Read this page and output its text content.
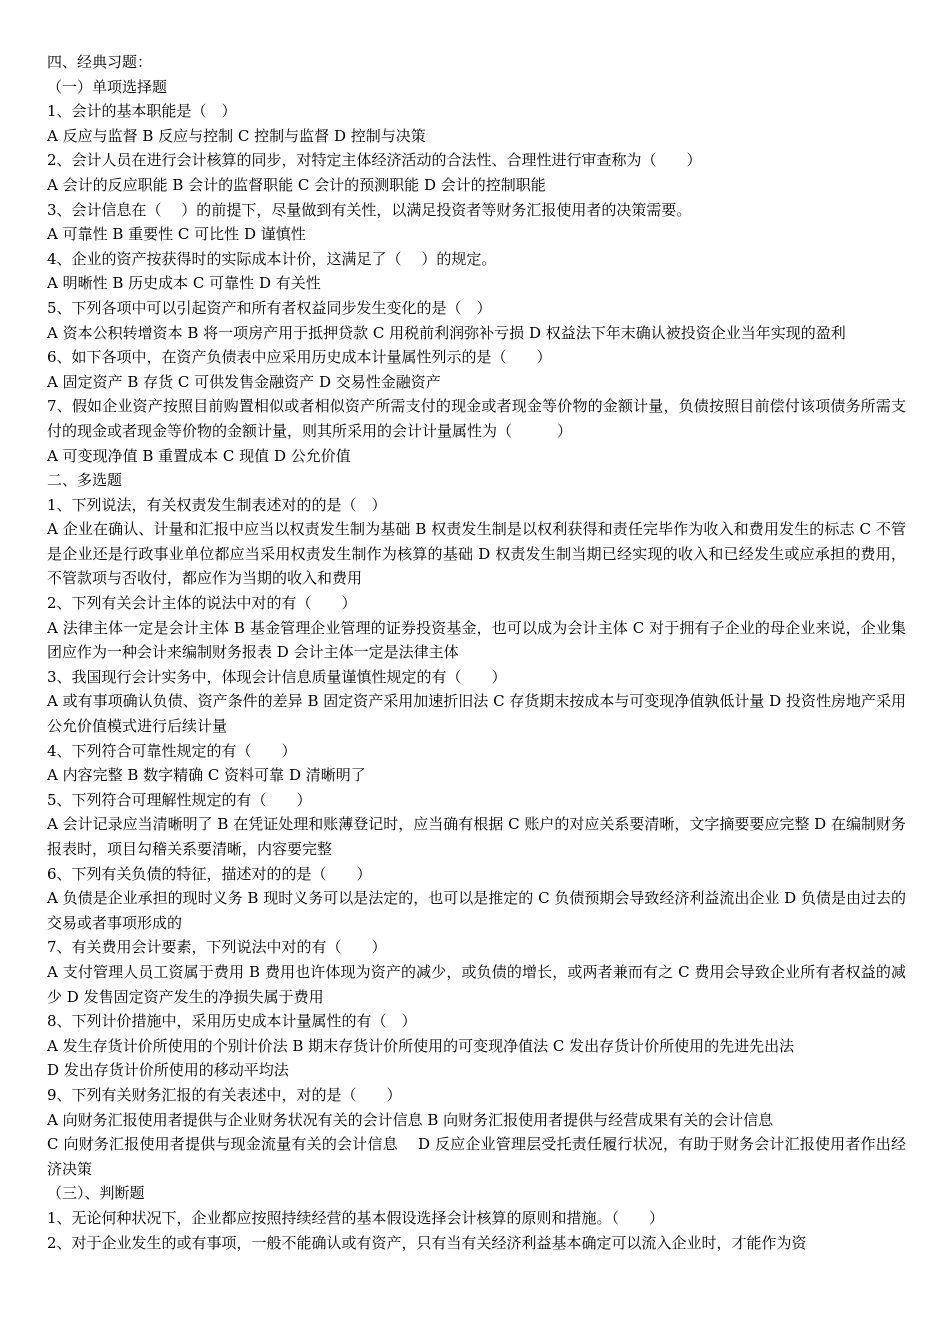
四、经典习题：

（一）单项选择题

1、会计的基本职能是（　）

A 反应与监督 B 反应与控制 C 控制与监督 D 控制与决策

2、会计人员在进行会计核算的同步，对特定主体经济活动的合法性、合理性进行审查称为（　　）

A 会计的反应职能 B 会计的监督职能 C 会计的预测职能 D 会计的控制职能

3、会计信息在（　 ）的前提下，尽量做到有关性，以满足投资者等财务汇报使用者的决策需要。

A 可靠性 B 重要性 C 可比性 D 谨慎性

4、企业的资产按获得时的实际成本计价，这满足了（　 ）的规定。

A 明晰性 B 历史成本 C 可靠性 D 有关性

5、下列各项中可以引起资产和所有者权益同步发生变化的是（　）

A 资本公积转增资本 B 将一项房产用于抵押贷款 C 用税前利润弥补亏损 D 权益法下年末确认被投资企业当年实现的盈利

6、如下各项中，在资产负债表中应采用历史成本计量属性列示的是（　　）

A 固定资产 B 存货 C 可供发售金融资产 D 交易性金融资产

7、假如企业资产按照目前购置相似或者相似资产所需支付的现金或者现金等价物的金额计量，负债按照目前偿付该项债务所需支付的现金或者现金等价物的金额计量，则其所采用的会计计量属性为（　　　）

A 可变现净值 B 重置成本 C 现值 D 公允价值

二、多选题

1、下列说法，有关权责发生制表述对的的是（　）

A 企业在确认、计量和汇报中应当以权责发生制为基础 B 权责发生制是以权利获得和责任完毕作为收入和费用发生的标志 C 不管是企业还是行政事业单位都应当采用权责发生制作为核算的基础 D 权责发生制当期已经实现的收入和已经发生或应承担的费用，不管款项与否收付，都应作为当期的收入和费用

2、下列有关会计主体的说法中对的有（　　）

A 法律主体一定是会计主体 B 基金管理企业管理的证券投资基金，也可以成为会计主体 C 对于拥有子企业的母企业来说，企业集团应作为一种会计来编制财务报表 D 会计主体一定是法律主体

3、我国现行会计实务中，体现会计信息质量谨慎性规定的有（　　）

A 或有事项确认负债、资产条件的差异 B 固定资产采用加速折旧法 C 存货期末按成本与可变现净值孰低计量 D 投资性房地产采用公允价值模式进行后续计量

4、下列符合可靠性规定的有（　　）

A 内容完整 B 数字精确 C 资料可靠 D 清晰明了

5、下列符合可理解性规定的有（　　）

A 会计记录应当清晰明了 B 在凭证处理和账薄登记时，应当确有根据 C 账户的对应关系要清晰，文字摘要要应完整 D 在编制财务报表时，项目勾稽关系要清晰，内容要完整

6、下列有关负债的特征，描述对的的是（　　）

A 负债是企业承担的现时义务 B 现时义务可以是法定的，也可以是推定的 C 负债预期会导致经济利益流出企业 D 负债是由过去的交易或者事项形成的

7、有关费用会计要素，下列说法中对的有（　　）

A 支付管理人员工资属于费用 B 费用也许体现为资产的减少，或负债的增长，或两者兼而有之 C 费用会导致企业所有者权益的减少 D 发售固定资产发生的净损失属于费用

8、下列计价措施中，采用历史成本计量属性的有（　）

A 发生存货计价所使用的个别计价法 B 期末存货计价所使用的可变现净值法 C 发出存货计价所使用的先进先出法

D 发出存货计价所使用的移动平均法

9、下列有关财务汇报的有关表述中，对的是（　　）

A 向财务汇报使用者提供与企业财务状况有关的会计信息 B 向财务汇报使用者提供与经营成果有关的会计信息

C 向财务汇报使用者提供与现金流量有关的会计信息　 D 反应企业管理层受托责任履行状况，有助于财务会计汇报使用者作出经济决策

（三）、判断题

1、无论何种状况下，企业都应按照持续经营的基本假设选择会计核算的原则和措施。（　　）

2、对于企业发生的或有事项，一般不能确认或有资产，只有当有关经济利益基本确定可以流入企业时，才能作为资
